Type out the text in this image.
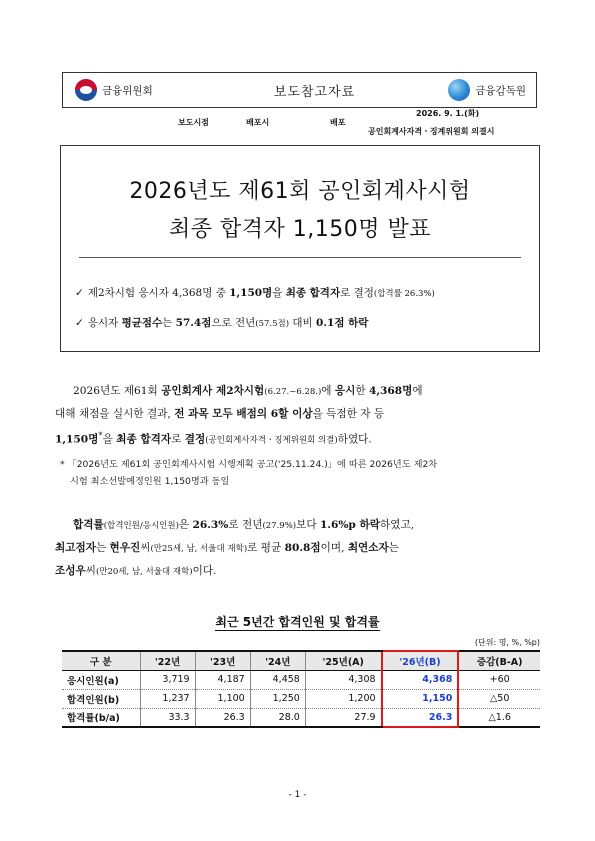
금융위원회	보도참고자료	금융감독원
보도시점	배포시	배포
2026. 9. 1.(화)
공인회계사자격ㆍ징계위원회 의결시
2026년도 제61회 공인회계사시험
최종 합격자 1,150명 발표
✓ 제2차시험 응시자 4,368명 중 1,150명을 최종 합격자로 결정(합격률 26.3%)
✓ 응시자 평균점수는 57.4점으로 전년(57.5점) 대비 0.1점 하락
2026년도 제61회 공인회계사 제2차시험(6.27.~6.28.)에 응시한 4,368명에
대해 채점을 실시한 결과, 전 과목 모두 배점의 6할 이상을 득점한 자 등
1,150명*을 최종 합격자로 결정(공인회계사자격ㆍ징계위원회 의결)하였다.
* 「2026년도 제61회 공인회계사시험 시행계획 공고('25.11.24.)」에 따른 2026년도 제2차
시험 최소선발예정인원 1,150명과 동일
합격률(합격인원/응시인원)은 26.3%로 전년(27.9%)보다 1.6%p 하락하였고,
최고점자는 현우진씨(만25세, 남, 서울대 재학)로 평균 80.8점이며, 최연소자는
조성우씨(만20세, 남, 서울대 재학)이다.
최근 5년간 합격인원 및 합격률
(단위: 명, %, %p)
구 분	'22년	'23년	'24년	'25년(A)	'26년(B)	증감(B-A)
응시인원(a)	3,719	4,187	4,458	4,308	4,368	+60
합격인원(b)	1,237	1,100	1,250	1,200	1,150	△50
합격률(b/a)	33.3	26.3	28.0	27.9	26.3	△1.6
- 1 -
